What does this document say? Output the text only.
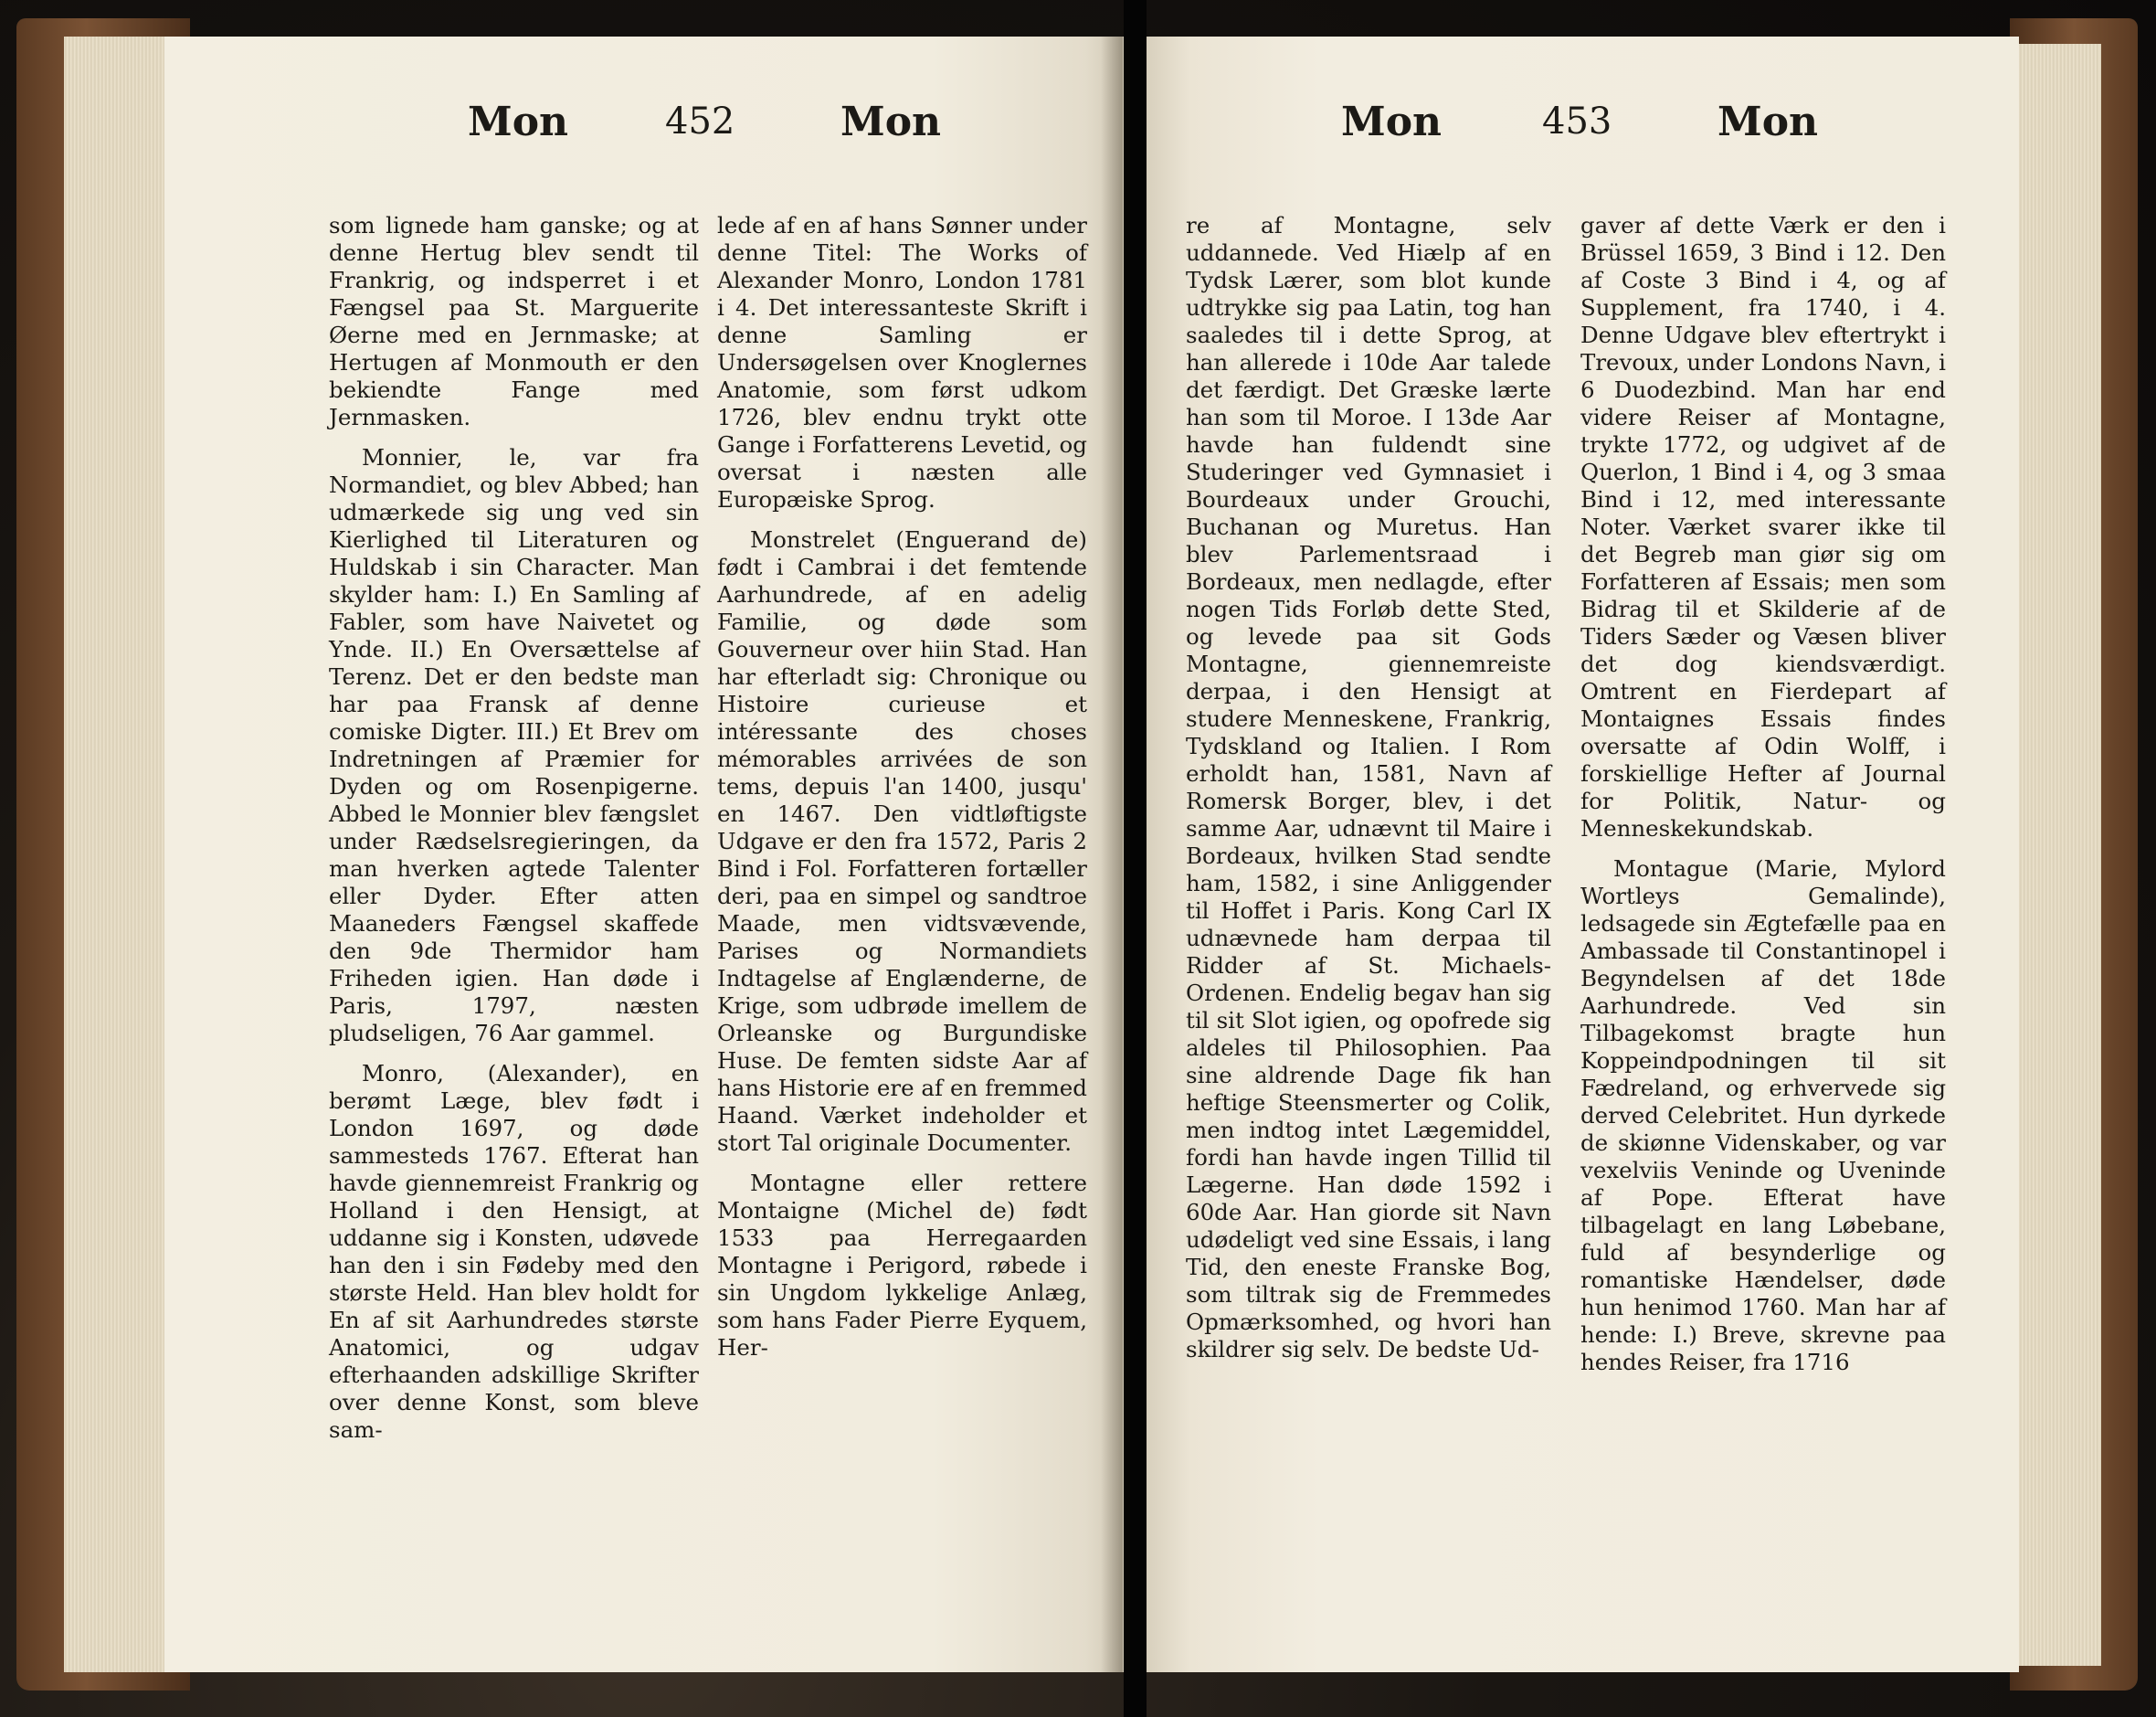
Mon	452	Mon	Mon	453	Mon

som lignede ham ganske; og at denne Hertug blev sendt til Frankrig, og indsperret i et Fængsel paa St. Marguerite Øerne med en Jernmaske; at Hertugen af Monmouth er den bekiendte Fange med Jernmasken.

Monnier, le, var fra Normandiet, og blev Abbed; han udmærkede sig ung ved sin Kierlighed til Literaturen og Huldskab i sin Character. Man skylder ham: I.) En Samling af Fabler, som have Naivetet og Ynde. II.) En Oversættelse af Terenz. Det er den bedste man har paa Fransk af denne comiske Digter. III.) Et Brev om Indretningen af Præmier for Dyden og om Rosenpigerne. Abbed le Monnier blev fængslet under Rædselsregieringen, da man hverken agtede Talenter eller Dyder. Efter atten Maaneders Fængsel skaffede den 9de Thermidor ham Friheden igien. Han døde i Paris, 1797, næsten pludseligen, 76 Aar gammel.

Monro, (Alexander), en berømt Læge, blev født i London 1697, og døde sammesteds 1767. Efterat han havde giennemreist Frankrig og Holland i den Hensigt, at uddanne sig i Konsten, udøvede han den i sin Fødeby med den største Held. Han blev holdt for En af sit Aarhundredes største Anatomici, og udgav efterhaanden adskillige Skrifter over denne Konst, som bleve sam-

lede af en af hans Sønner under denne Titel: The Works of Alexander Monro, London 1781 i 4. Det interessanteste Skrift i denne Samling er Undersøgelsen over Knoglernes Anatomie, som først udkom 1726, blev endnu trykt otte Gange i Forfatterens Levetid, og oversat i næsten alle Europæiske Sprog.

Monstrelet (Enguerand de) født i Cambrai i det femtende Aarhundrede, af en adelig Familie, og døde som Gouverneur over hiin Stad. Han har efterladt sig: Chronique ou Histoire curieuse et intéressante des choses mémorables arrivées de son tems, depuis l'an 1400, jusqu' en 1467. Den vidtløftigste Udgave er den fra 1572, Paris 2 Bind i Fol. Forfatteren fortæller deri, paa en simpel og sandtroe Maade, men vidtsvævende, Parises og Normandiets Indtagelse af Englænderne, de Krige, som udbrøde imellem de Orleanske og Burgundiske Huse. De femten sidste Aar af hans Historie ere af en fremmed Haand. Værket indeholder et stort Tal originale Documenter.

Montagne eller rettere Montaigne (Michel de) født 1533 paa Herregaarden Montagne i Perigord, røbede i sin Ungdom lykkelige Anlæg, som hans Fader Pierre Eyquem, Her-

re af Montagne, selv uddannede. Ved Hiælp af en Tydsk Lærer, som blot kunde udtrykke sig paa Latin, tog han saaledes til i dette Sprog, at han allerede i 10de Aar talede det færdigt. Det Græske lærte han som til Moroe. I 13de Aar havde han fuldendt sine Studeringer ved Gymnasiet i Bourdeaux under Grouchi, Buchanan og Muretus. Han blev Parlementsraad i Bordeaux, men nedlagde, efter nogen Tids Forløb dette Sted, og levede paa sit Gods Montagne, giennemreiste derpaa, i den Hensigt at studere Menneskene, Frankrig, Tydskland og Italien. I Rom erholdt han, 1581, Navn af Romersk Borger, blev, i det samme Aar, udnævnt til Maire i Bordeaux, hvilken Stad sendte ham, 1582, i sine Anliggender til Hoffet i Paris. Kong Carl IX udnævnede ham derpaa til Ridder af St. Michaels-Ordenen. Endelig begav han sig til sit Slot igien, og opofrede sig aldeles til Philosophien. Paa sine aldrende Dage fik han heftige Steensmerter og Colik, men indtog intet Lægemiddel, fordi han havde ingen Tillid til Lægerne. Han døde 1592 i 60de Aar. Han giorde sit Navn udødeligt ved sine Essais, i lang Tid, den eneste Franske Bog, som tiltrak sig de Fremmedes Opmærksomhed, og hvori han skildrer sig selv. De bedste Ud-

gaver af dette Værk er den i Brüssel 1659, 3 Bind i 12. Den af Coste 3 Bind i 4, og af Supplement, fra 1740, i 4. Denne Udgave blev eftertrykt i Trevoux, under Londons Navn, i 6 Duodezbind. Man har end videre Reiser af Montagne, trykte 1772, og udgivet af de Querlon, 1 Bind i 4, og 3 smaa Bind i 12, med interessante Noter. Værket svarer ikke til det Begreb man giør sig om Forfatteren af Essais; men som Bidrag til et Skilderie af de Tiders Sæder og Væsen bliver det dog kiendsværdigt. Omtrent en Fierdepart af Montaignes Essais findes oversatte af Odin Wolff, i forskiellige Hefter af Journal for Politik, Natur- og Menneskekundskab.

Montague (Marie, Mylord Wortleys Gemalinde), ledsagede sin Ægtefælle paa en Ambassade til Constantinopel i Begyndelsen af det 18de Aarhundrede. Ved sin Tilbagekomst bragte hun Koppeindpodningen til sit Fædreland, og erhvervede sig derved Celebritet. Hun dyrkede de skiønne Videnskaber, og var vexelviis Veninde og Uveninde af Pope. Efterat have tilbagelagt en lang Løbebane, fuld af besynderlige og romantiske Hændelser, døde hun henimod 1760. Man har af hende: I.) Breve, skrevne paa hendes Reiser, fra 1716
